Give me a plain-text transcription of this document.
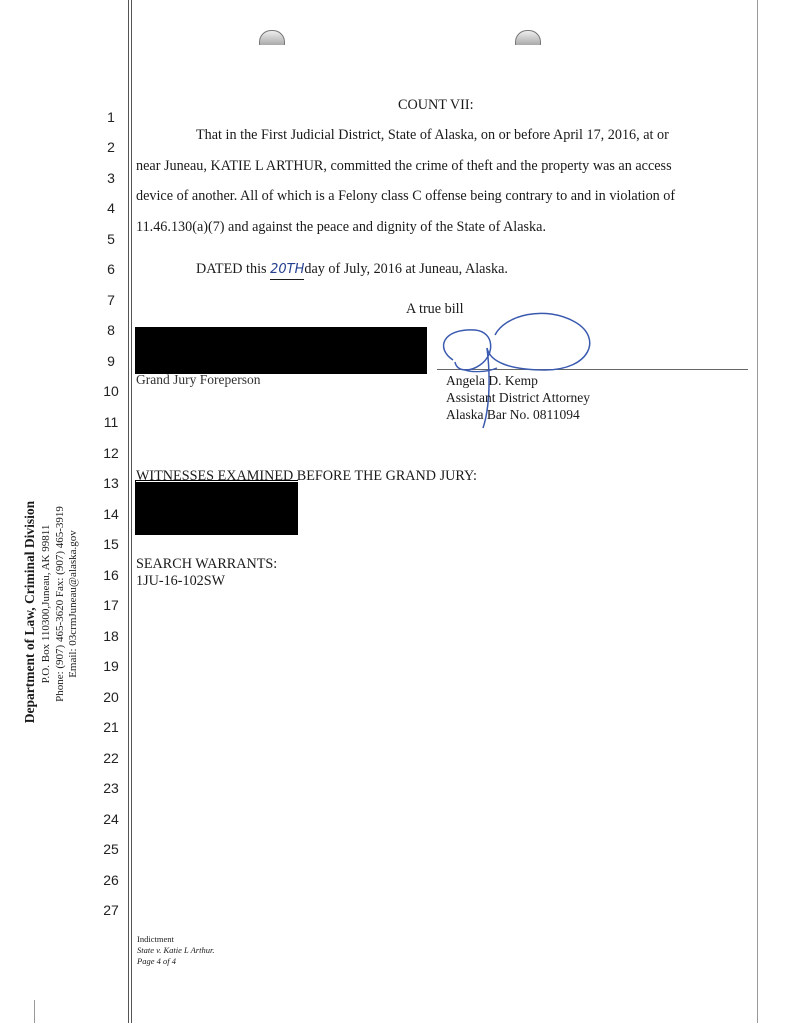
Department of Law, Criminal Division P.O. Box 110300,Juneau, AK 99811 Phone: (907) 465-3620 Fax: (907) 465-3919 Email: 03crmJuneau@alaska.gov
1
2
3
4
5
6
7
8
9
10
11
12
13
14
15
16
17
18
19
20
21
22
23
24
25
26
27
COUNT VII:
That in the First Judicial District, State of Alaska, on or before April 17, 2016, at or
near Juneau, KATIE L ARTHUR, committed the crime of theft and the property was an access
device of another. All of which is a Felony class C offense being contrary to and in violation of
11.46.130(a)(7) and against the peace and dignity of the State of Alaska.
DATED this 20THday of July, 2016 at Juneau, Alaska.
A true bill
Grand Jury Foreperson	Angela D. Kemp
Assistant District Attorney
Alaska Bar No. 0811094
WITNESSES EXAMINED BEFORE THE GRAND JURY:
SEARCH WARRANTS:
1JU-16-102SW
Indictment
State v. Katie L Arthur.
Page 4 of 4
